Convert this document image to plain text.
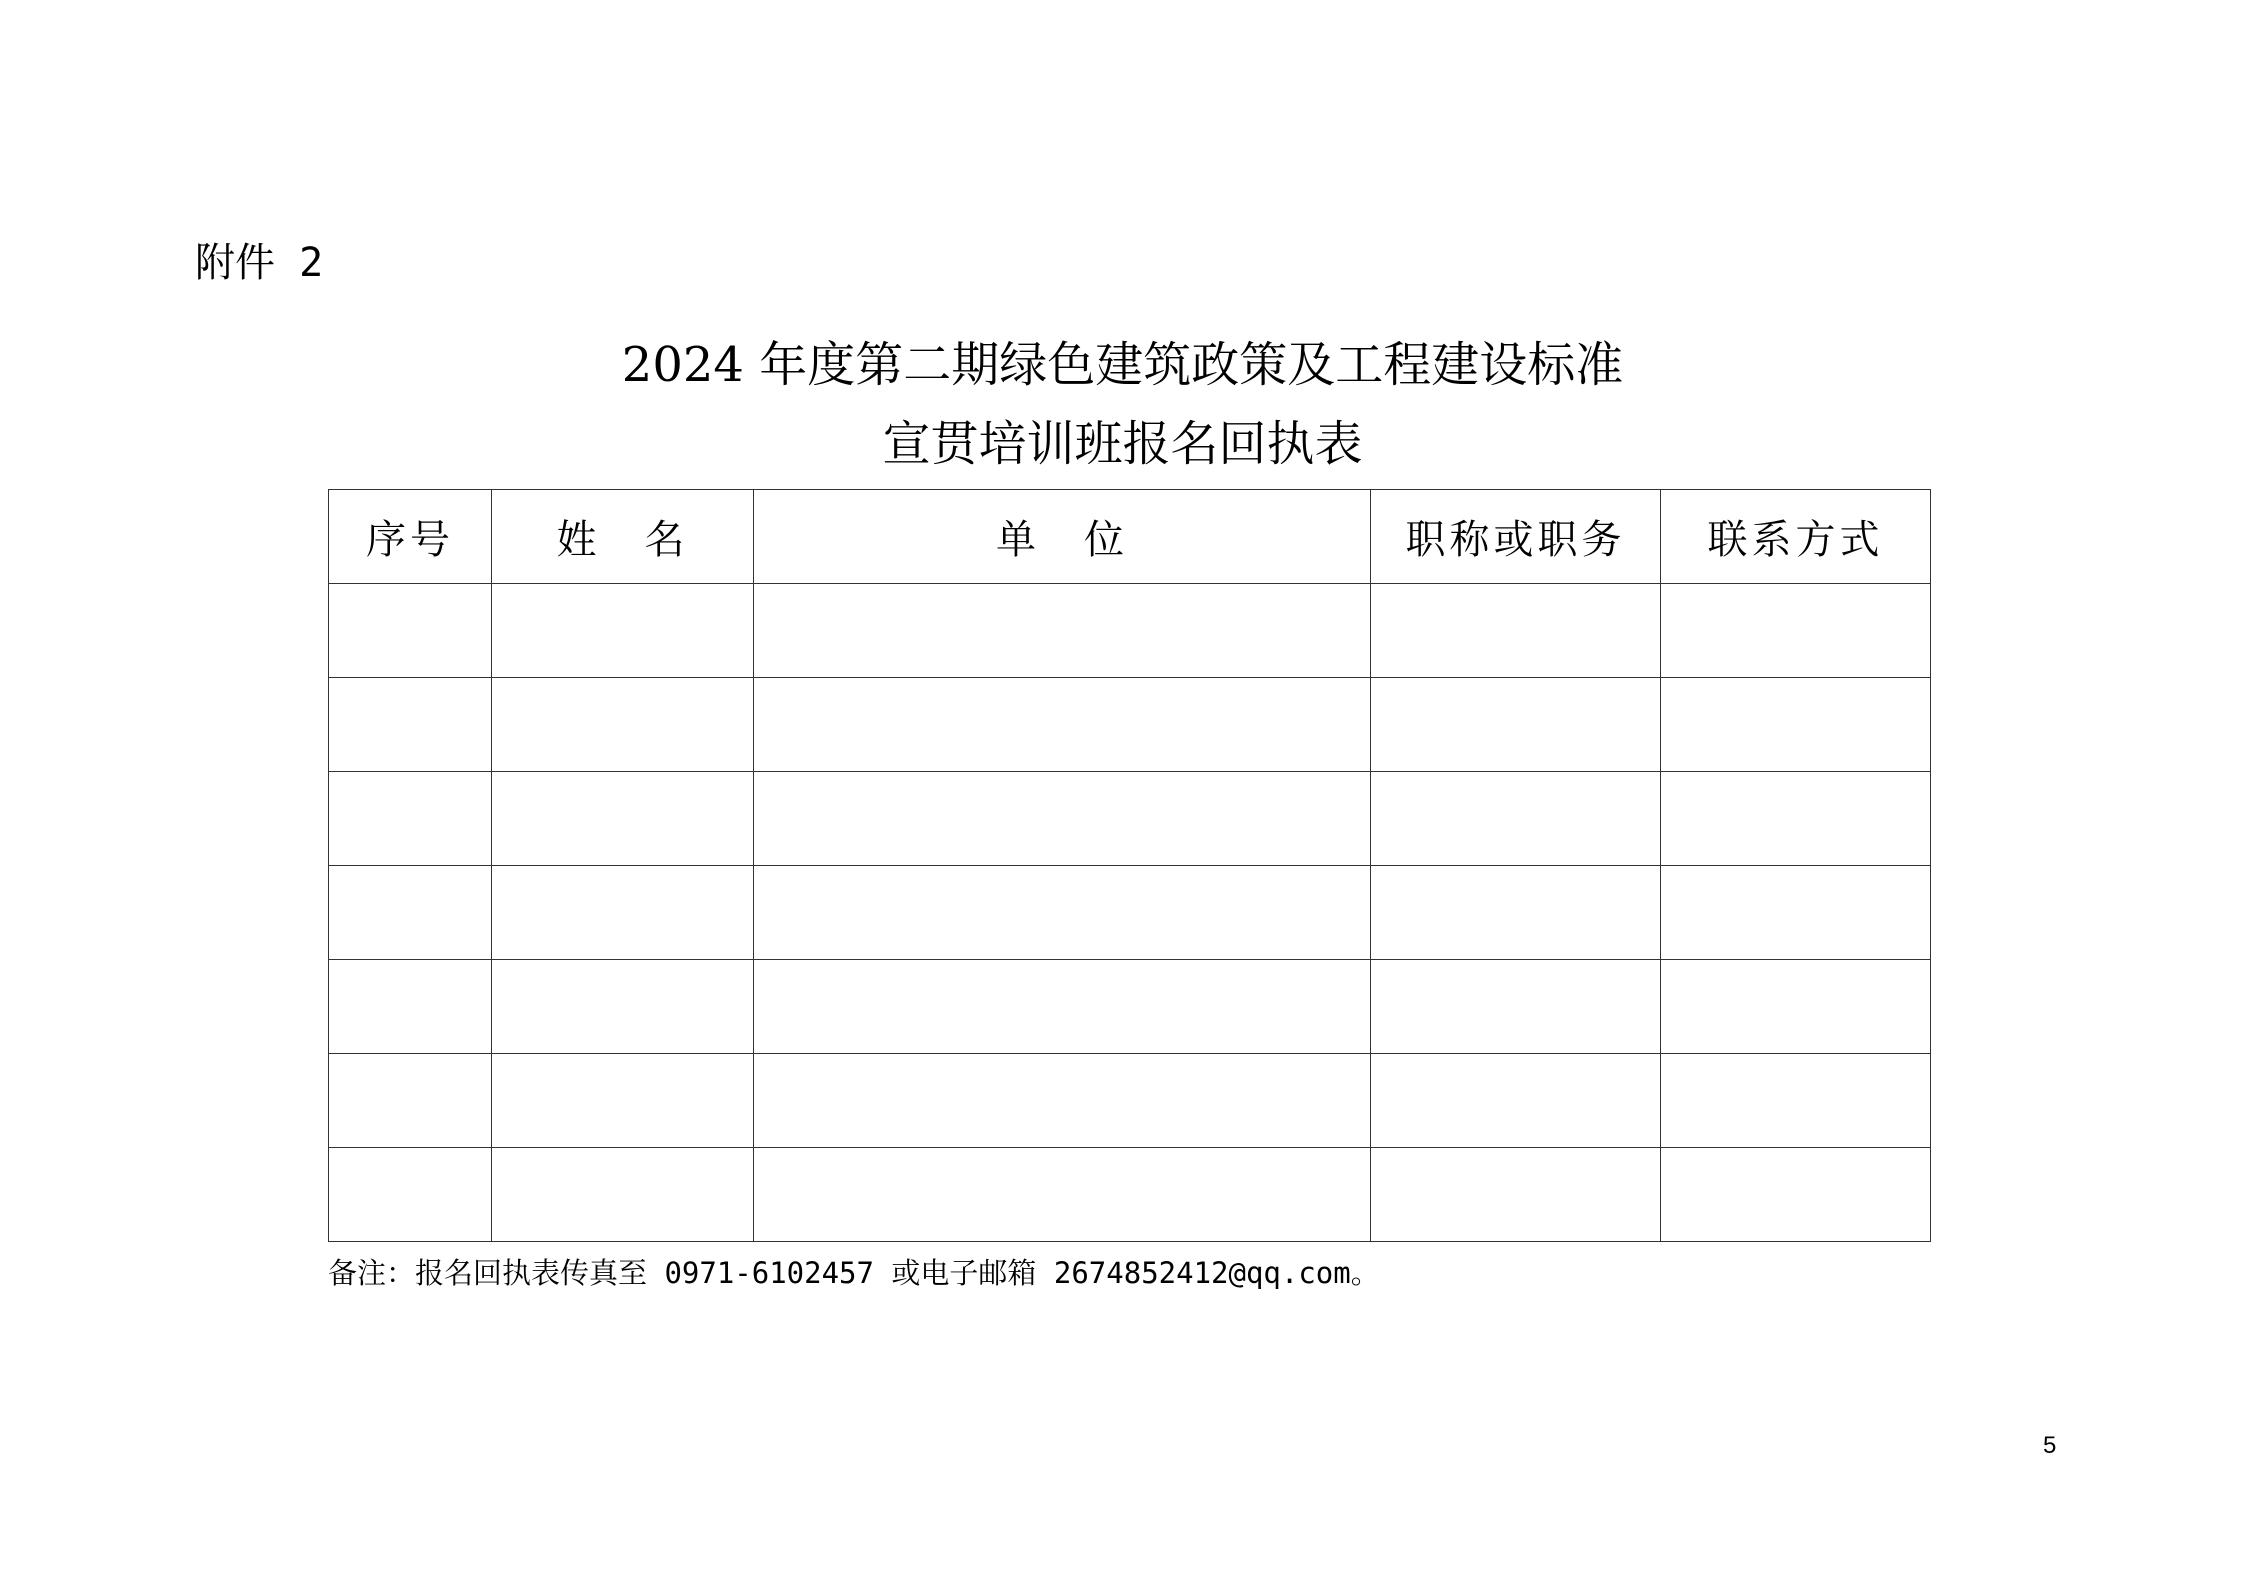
附件 2
2024 年度第二期绿色建筑政策及工程建设标准
宣贯培训班报名回执表
序号	姓　名	单　位	职称或职务	联系方式

备注：报名回执表传真至 0971-6102457 或电子邮箱 2674852412@qq.com。
5
